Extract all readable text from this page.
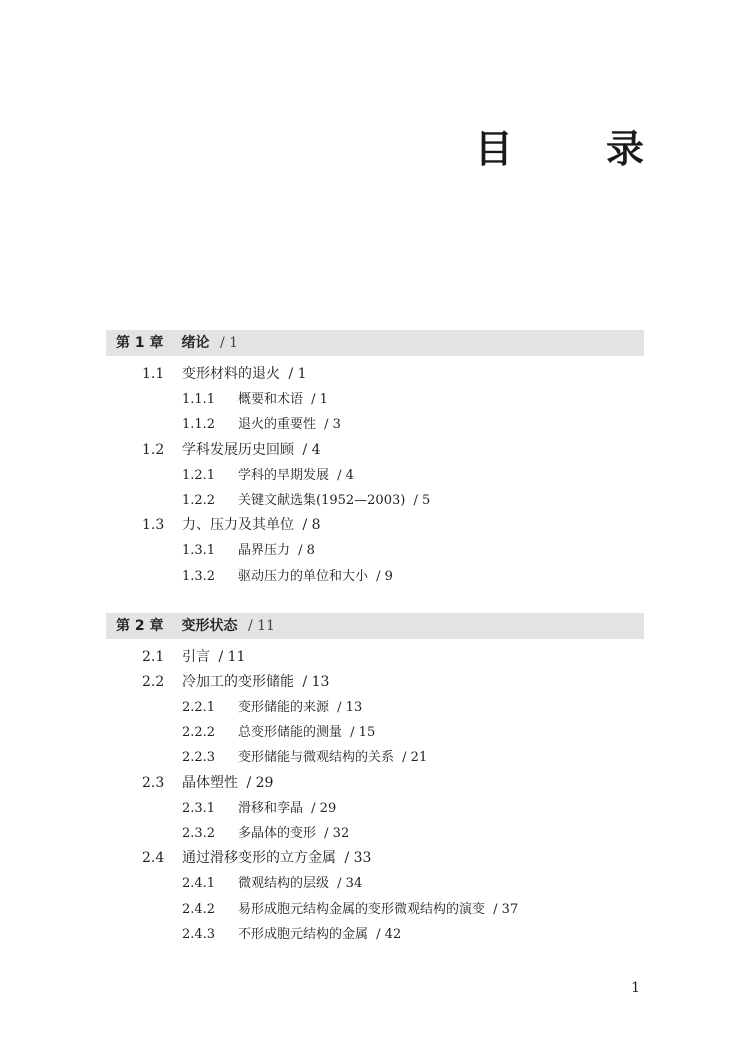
目 录
第 1 章 绪论 / 1
1.1 变形材料的退火 / 1
1.1.1 概要和术语 / 1
1.1.2 退火的重要性 / 3
1.2 学科发展历史回顾 / 4
1.2.1 学科的早期发展 / 4
1.2.2 关键文献选集(1952—2003) / 5
1.3 力、压力及其单位 / 8
1.3.1 晶界压力 / 8
1.3.2 驱动压力的单位和大小 / 9
第 2 章 变形状态 / 11
2.1 引言 / 11
2.2 冷加工的变形储能 / 13
2.2.1 变形储能的来源 / 13
2.2.2 总变形储能的测量 / 15
2.2.3 变形储能与微观结构的关系 / 21
2.3 晶体塑性 / 29
2.3.1 滑移和孪晶 / 29
2.3.2 多晶体的变形 / 32
2.4 通过滑移变形的立方金属 / 33
2.4.1 微观结构的层级 / 34
2.4.2 易形成胞元结构金属的变形微观结构的演变 / 37
2.4.3 不形成胞元结构的金属 / 42
1
